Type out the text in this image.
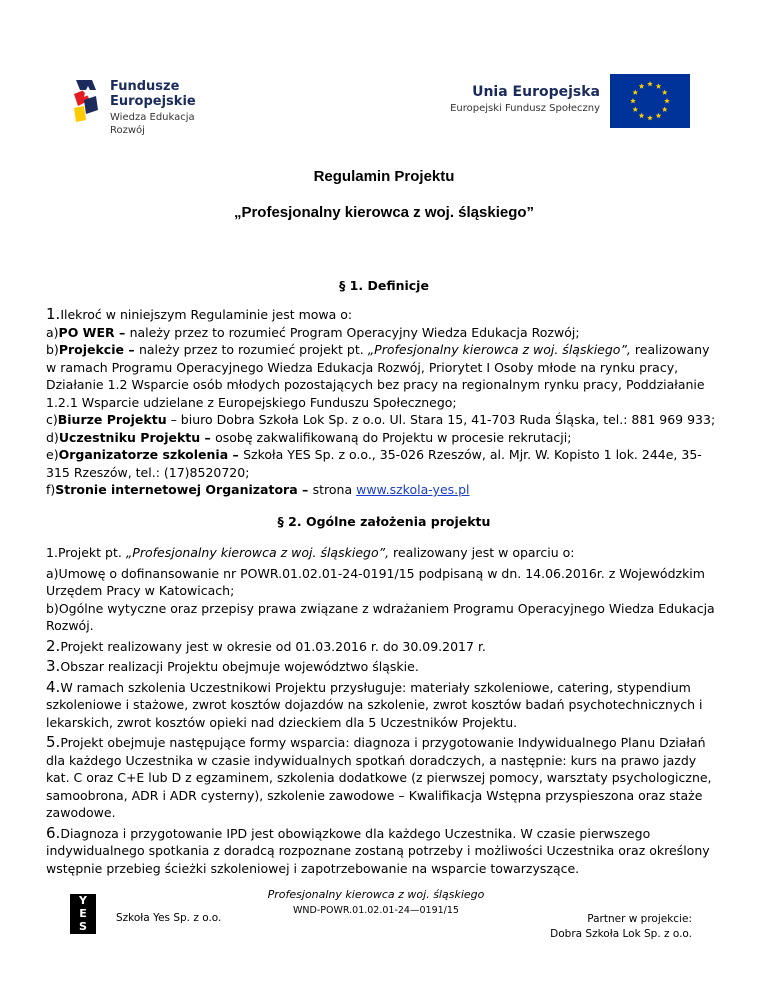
Fundusze
Europejskie
Wiedza Edukacja Rozwój
Unia Europejska
Europejski Fundusz Społeczny
Regulamin Projektu
„Profesjonalny kierowca z woj. śląskiego”
§ 1. Definicje

1.Ilekroć w niniejszym Regulaminie jest mowa o:

a)PO WER – należy przez to rozumieć Program Operacyjny Wiedza Edukacja Rozwój;

b)Projekcie – należy przez to rozumieć projekt pt. „Profesjonalny kierowca z woj. śląskiego”, realizowany w ramach Programu Operacyjnego Wiedza Edukacja Rozwój, Priorytet I Osoby młode na rynku pracy, Działanie 1.2 Wsparcie osób młodych pozostających bez pracy na regionalnym rynku pracy, Poddziałanie 1.2.1 Wsparcie udzielane z Europejskiego Funduszu Społecznego;

c)Biurze Projektu – biuro Dobra Szkoła Lok Sp. z o.o. Ul. Stara 15, 41-703 Ruda Śląska, tel.: 881 969 933;

d)Uczestniku Projektu – osobę zakwalifikowaną do Projektu w procesie rekrutacji;

e)Organizatorze szkolenia – Szkoła YES Sp. z o.o., 35-026 Rzeszów, al. Mjr. W. Kopisto 1 lok. 244e, 35-315 Rzeszów, tel.: (17)8520720;

f)Stronie internetowej Organizatora – strona www.szkola-yes.pl

§ 2. Ogólne założenia projektu

1.Projekt pt. „Profesjonalny kierowca z woj. śląskiego”, realizowany jest w oparciu o:

a)Umowę o dofinansowanie nr POWR.01.02.01-24-0191/15 podpisaną w dn. 14.06.2016r. z Wojewódzkim Urzędem Pracy w Katowicach;

b)Ogólne wytyczne oraz przepisy prawa związane z wdrażaniem Programu Operacyjnego Wiedza Edukacja Rozwój.

2.Projekt realizowany jest w okresie od 01.03.2016 r. do 30.09.2017 r.

3.Obszar realizacji Projektu obejmuje województwo śląskie.

4.W ramach szkolenia Uczestnikowi Projektu przysługuje: materiały szkoleniowe, catering, stypendium szkoleniowe i stażowe, zwrot kosztów dojazdów na szkolenie, zwrot kosztów badań psychotechnicznych i lekarskich, zwrot kosztów opieki nad dzieckiem dla 5 Uczestników Projektu.

5.Projekt obejmuje następujące formy wsparcia: diagnoza i przygotowanie Indywidualnego Planu Działań dla każdego Uczestnika w czasie indywidualnych spotkań doradczych, a następnie: kurs na prawo jazdy kat. C oraz C+E lub D z egzaminem, szkolenia dodatkowe (z pierwszej pomocy, warsztaty psychologiczne, samoobrona, ADR i ADR cysterny), szkolenie zawodowe – Kwalifikacja Wstępna przyspieszona oraz staże zawodowe.

6.Diagnoza i przygotowanie IPD jest obowiązkowe dla każdego Uczestnika. W czasie pierwszego indywidualnego spotkania z doradcą rozpoznane zostaną potrzeby i możliwości Uczestnika oraz określony wstępnie przebieg ścieżki szkoleniowej i zapotrzebowanie na wsparcie towarzyszące.

Y
E
S
Szkoła Yes Sp. z o.o.
Profesjonalny kierowca z woj. śląskiego
WND-POWR.01.02.01-24—0191/15
Partner w projekcie:
Dobra Szkoła Lok Sp. z o.o.
